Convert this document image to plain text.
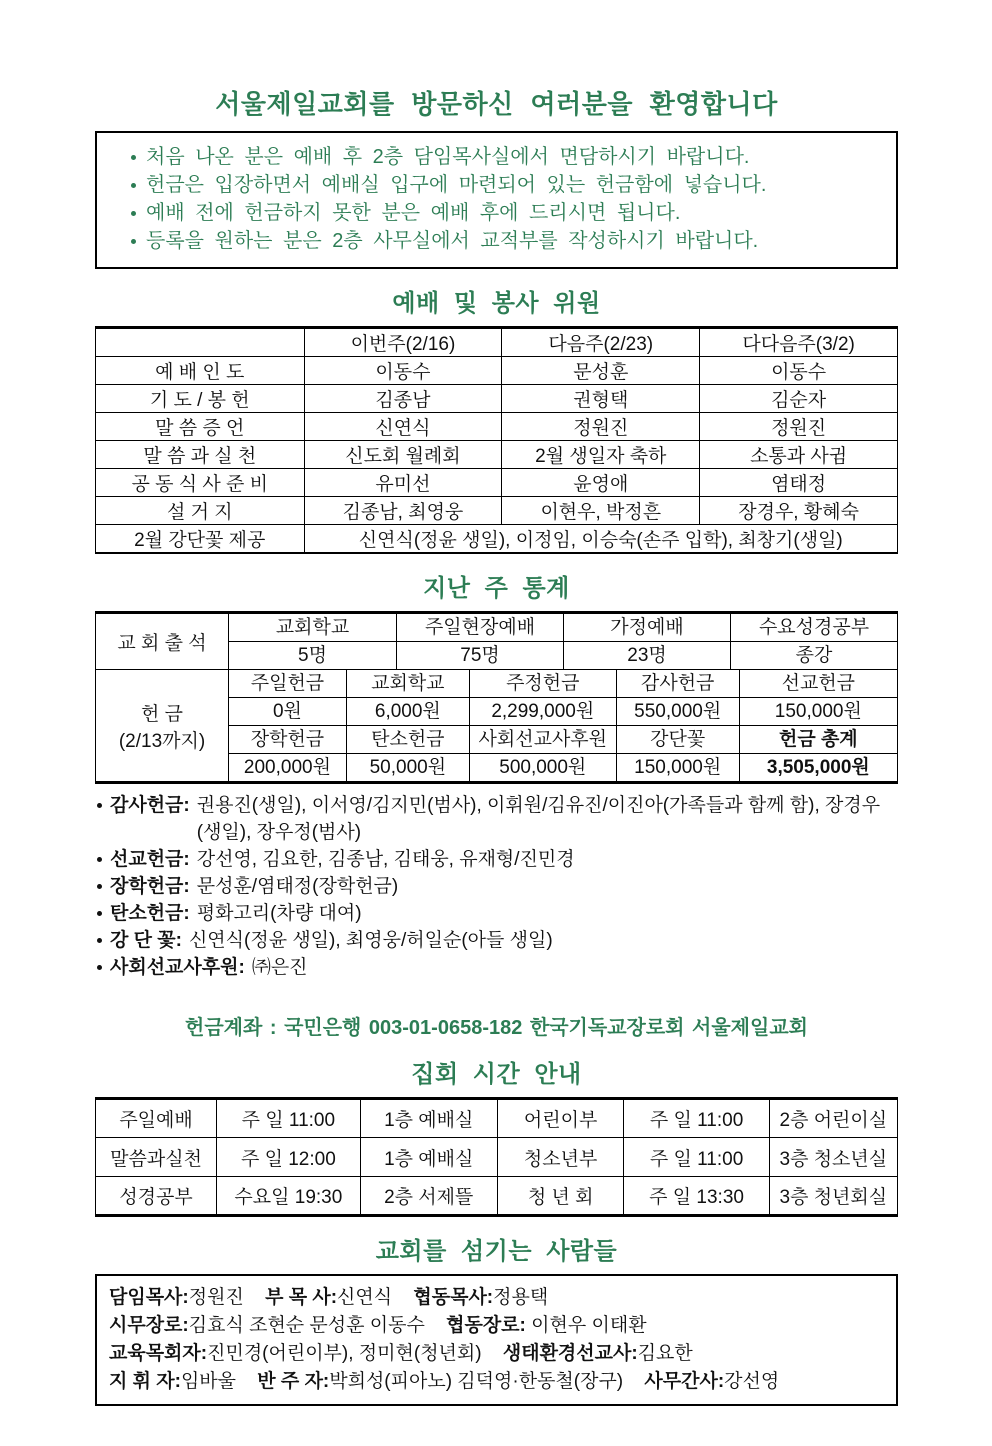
서울제일교회를 방문하신 여러분을 환영합니다
처음 나온 분은 예배 후 2층 담임목사실에서 면담하시기 바랍니다.
헌금은 입장하면서 예배실 입구에 마련되어 있는 헌금함에 넣습니다.
예배 전에 헌금하지 못한 분은 예배 후에 드리시면 됩니다.
등록을 원하는 분은 2층 사무실에서 교적부를 작성하시기 바랍니다.
예배 및 봉사 위원
	이번주(2/16)	다음주(2/23)	다다음주(3/2)
예 배 인 도	이동수	문성훈	이동수
기 도 / 봉 헌	김종남	권형택	김순자
말 씀 증 언	신연식	정원진	정원진
말 씀 과 실 천	신도회 월례회	2월 생일자 축하	소통과 사귐
공 동 식 사 준 비	유미선	윤영애	염태정
설 거 지	김종남, 최영웅	이현우, 박정흔	장경우, 황혜숙
2월 강단꽃 제공	신연식(정윤 생일), 이정임, 이승숙(손주 입학), 최창기(생일)		
지난 주 통계
교 회 출 석
교회학교	주일현장예배	가정예배	수요성경공부
5명	75명	23명	종강
헌 금
(2/13까지)
주일헌금	교회학교	주정헌금	감사헌금	선교헌금
0원	6,000원	2,299,000원	550,000원	150,000원
장학헌금	탄소헌금	사회선교사후원	강단꽃	헌금 총계
200,000원	50,000원	500,000원	150,000원	3,505,000원
감사헌금: 권용진(생일), 이서영/김지민(범사), 이휘원/김유진/이진아(가족들과 함께 함), 장경우(생일), 장우정(범사)
선교헌금: 강선영, 김요한, 김종남, 김태웅, 유재형/진민경
장학헌금: 문성훈/염태정(장학헌금)
탄소헌금: 평화고리(차량 대여)
강 단 꽃: 신연식(정윤 생일), 최영웅/허일순(아들 생일)
사회선교사후원: ㈜은진
헌금계좌 : 국민은행 003-01-0658-182 한국기독교장로회 서울제일교회
집회 시간 안내
주일예배	주 일 11:00	1층 예배실	어린이부	주 일 11:00	2층 어린이실
말씀과실천	주 일 12:00	1층 예배실	청소년부	주 일 11:00	3층 청소년실
성경공부	수요일 19:30	2층 서제뜰	청 년 회	주 일 13:30	3층 청년회실
교회를 섬기는 사람들
담임목사:정원진 부 목 사:신연식 협동목사:정용택
시무장로:김효식 조현순 문성훈 이동수 협동장로: 이현우 이태환
교육목회자:진민경(어린이부), 정미현(청년회) 생태환경선교사:김요한
지 휘 자:임바울 반 주 자:박희성(피아노) 김덕영·한동철(장구) 사무간사:강선영
